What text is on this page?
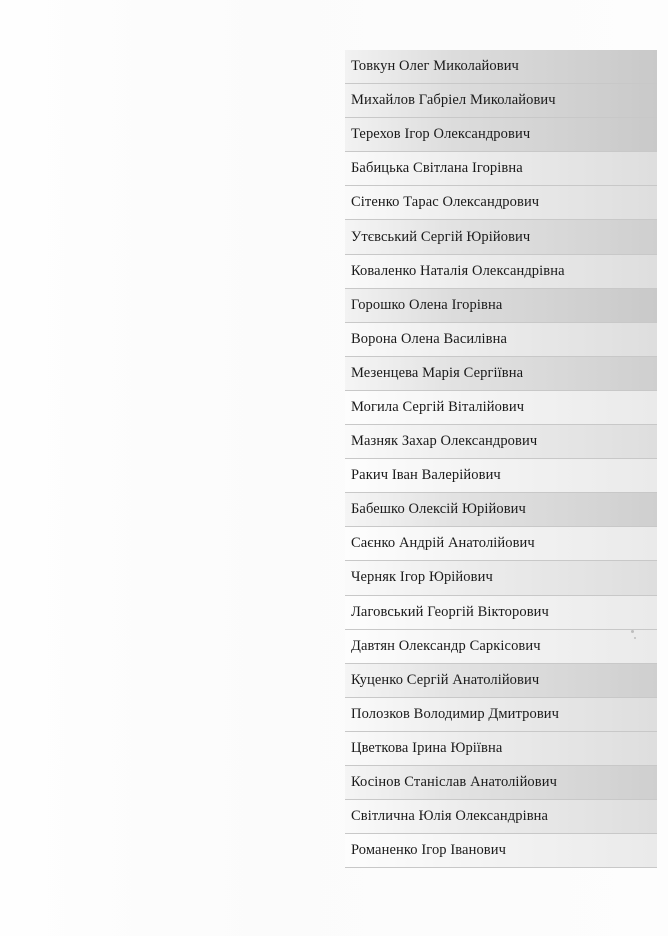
Товкун Олег Миколайович
Михайлов Габріел Миколайович
Терехов Ігор Олександрович
Бабицька Світлана Ігорівна
Сітенко Тарас Олександрович
Утєвський Сергій Юрійович
Коваленко Наталія Олександрівна
Горошко Олена Ігорівна
Ворона Олена Василівна
Мезенцева Марія Сергіївна
Могила Сергій Віталійович
Мазняк Захар Олександрович
Ракич Іван Валерійович
Бабешко Олексій Юрійович
Саєнко Андрій Анатолійович
Черняк Ігор Юрійович
Лаговський Георгій Вікторович
Давтян Олександр Саркісович
Куценко Сергій Анатолійович
Полозков Володимир Дмитрович
Цветкова Ірина Юріївна
Косінов Станіслав Анатолійович
Світлична Юлія Олександрівна
Романенко Ігор Іванович
